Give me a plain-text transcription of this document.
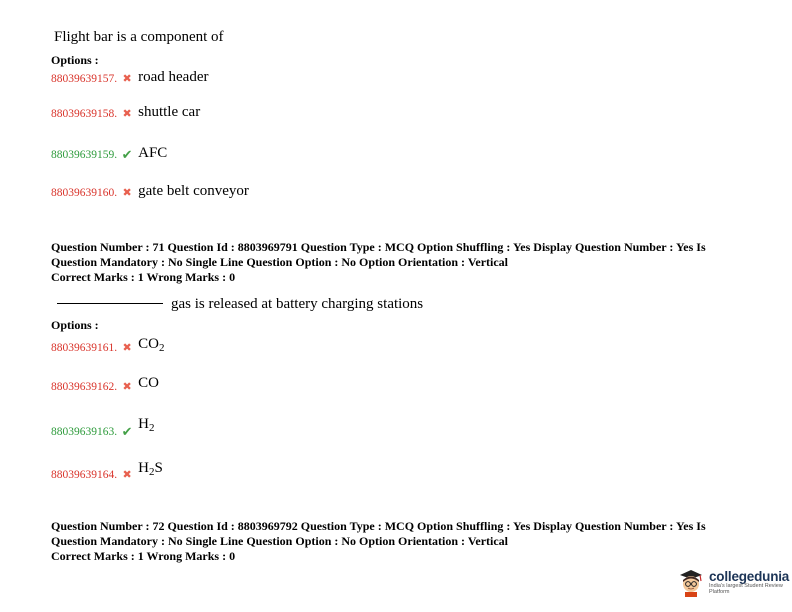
Flight bar is a component of
Options :
88039639157. ✖ road header
88039639158. ✖ shuttle car
88039639159. ✔ AFC
88039639160. ✖ gate belt conveyor
Question Number : 71 Question Id : 8803969791 Question Type : MCQ Option Shuffling : Yes Display Question Number : Yes Is
Question Mandatory : No Single Line Question Option : No Option Orientation : Vertical
Correct Marks : 1 Wrong Marks : 0
gas is released at battery charging stations
Options :
88039639161. ✖ $CO_2$
88039639162. ✖ CO
88039639163. ✔ $H_2$
88039639164. ✖ $H_2S$
Question Number : 72 Question Id : 8803969792 Question Type : MCQ Option Shuffling : Yes Display Question Number : Yes Is
Question Mandatory : No Single Line Question Option : No Option Orientation : Vertical
Correct Marks : 1 Wrong Marks : 0
collegedunia
India's largest Student Review Platform
